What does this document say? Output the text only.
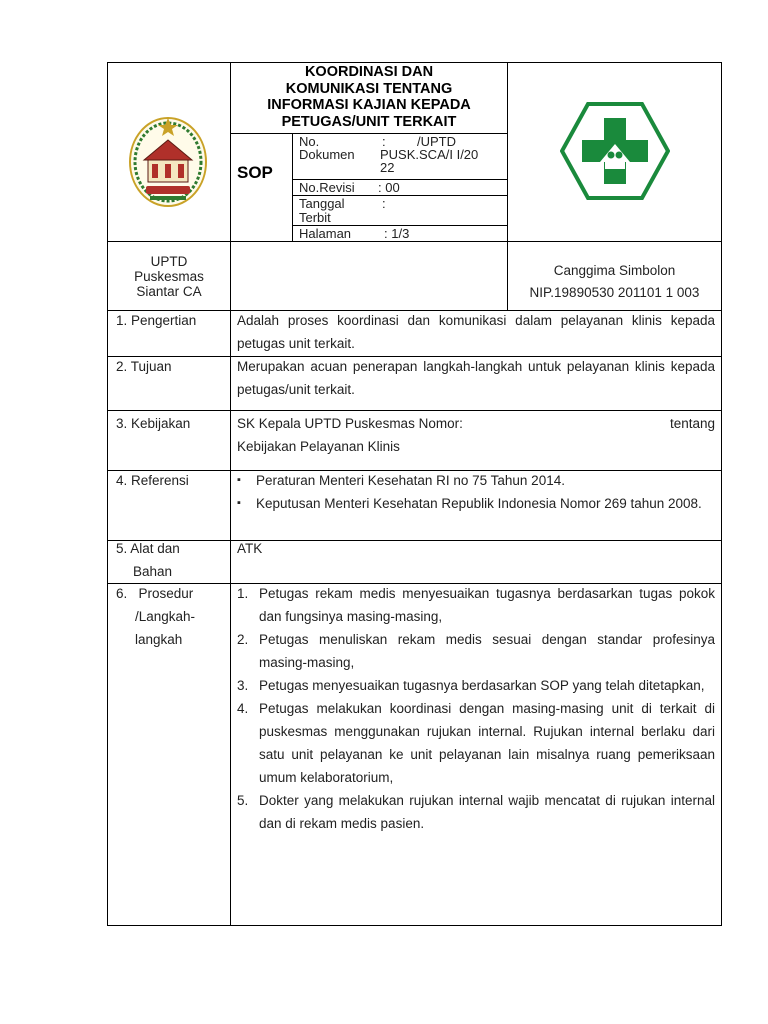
KOORDINASI DAN
KOMUNIKASI TENTANG
INFORMASI KAJIAN KEPADA
PETUGAS/UNIT TERKAIT
SOP
No.
Dokumen
:	/UPTD
PUSK.SCA/I I/20
22
No.Revisi : 00
Tanggal
Terbit
:
Halaman	: 1/3
UPTD
Puskesmas
Siantar CA
Canggima Simbolon
NIP.19890530 201101 1 003
1. Pengertian	Adalah proses koordinasi dan komunikasi dalam pelayanan klinis kepada petugas unit terkait.
2. Tujuan	Merupakan acuan penerapan langkah-langkah untuk pelayanan klinis kepada petugas/unit terkait.
3. Kebijakan	SK Kepala UPTD Puskesmas Nomor:	tentang
Kebijakan Pelayanan Klinis
4. Referensi
▪	Peraturan Menteri Kesehatan RI no 75 Tahun 2014.
▪ Keputusan Menteri Kesehatan Republik Indonesia Nomor 269 tahun 2008.
5. Alat dan
Bahan
ATK
6.   Prosedur
/Langkah-
langkah
1. Petugas rekam medis menyesuaikan tugasnya berdasarkan tugas pokok dan fungsinya masing-masing,
2. Petugas menuliskan rekam medis sesuai dengan standar profesinya masing-masing,
3. Petugas menyesuaikan tugasnya berdasarkan SOP yang telah ditetapkan,
4. Petugas melakukan koordinasi dengan masing-masing unit di terkait di puskesmas menggunakan rujukan internal. Rujukan internal berlaku dari satu unit pelayanan ke unit pelayanan lain misalnya ruang pemeriksaan umum kelaboratorium,
5. Dokter yang melakukan rujukan internal wajib mencatat di rujukan internal dan di rekam medis pasien.
